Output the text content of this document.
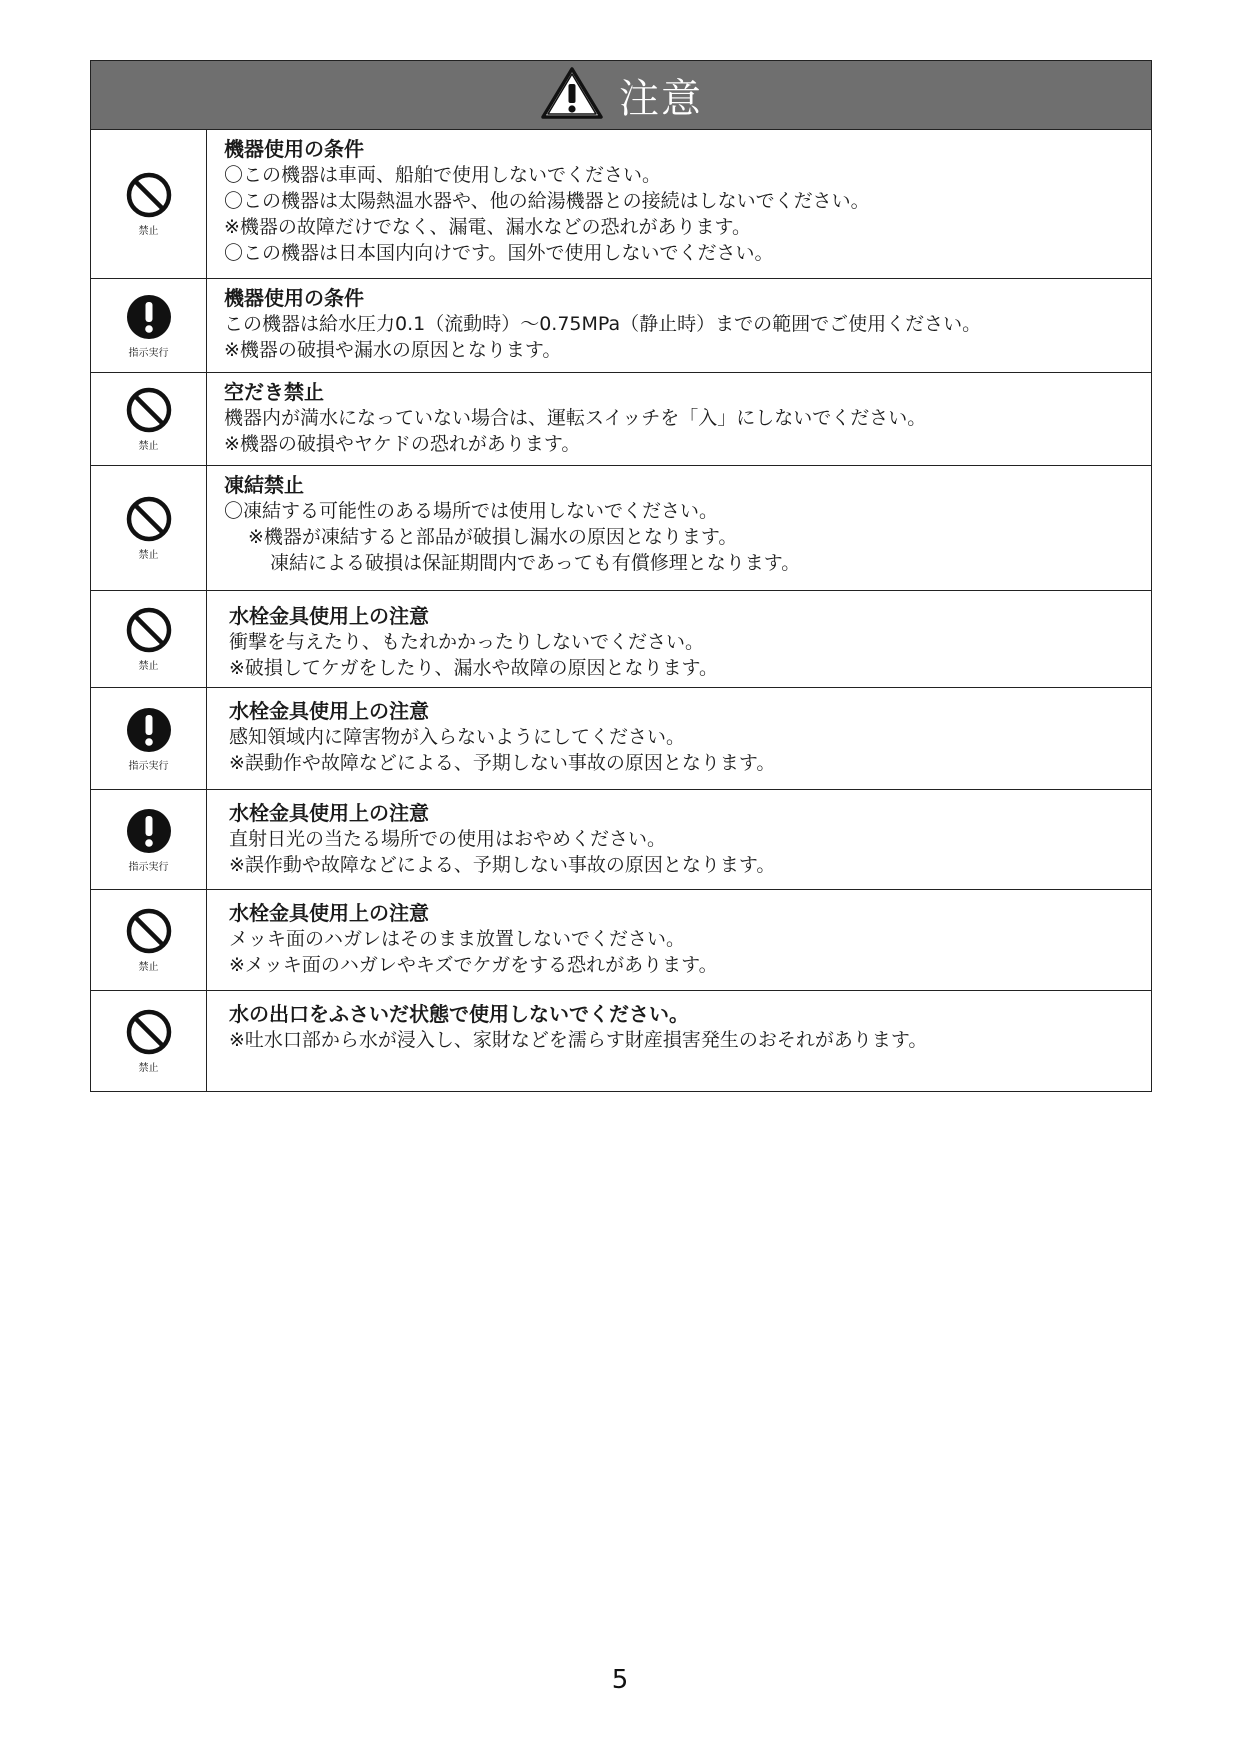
注意
禁止
機器使用の条件
〇この機器は車両、船舶で使用しないでください。
〇この機器は太陽熱温水器や、他の給湯機器との接続はしないでください。
※機器の故障だけでなく、漏電、漏水などの恐れがあります。
〇この機器は日本国内向けです。国外で使用しないでください。
指示実行
機器使用の条件
この機器は給水圧力0.1（流動時）～0.75MPa（静止時）までの範囲でご使用ください。
※機器の破損や漏水の原因となります。
禁止
空だき禁止
機器内が満水になっていない場合は、運転スイッチを「入」にしないでください。
※機器の破損やヤケドの恐れがあります。
禁止
凍結禁止
〇凍結する可能性のある場所では使用しないでください。
※機器が凍結すると部品が破損し漏水の原因となります。
凍結による破損は保証期間内であっても有償修理となります。
禁止
水栓金具使用上の注意
衝撃を与えたり、もたれかかったりしないでください。
※破損してケガをしたり、漏水や故障の原因となります。
指示実行
水栓金具使用上の注意
感知領域内に障害物が入らないようにしてください。
※誤動作や故障などによる、予期しない事故の原因となります。
指示実行
水栓金具使用上の注意
直射日光の当たる場所での使用はおやめください。
※誤作動や故障などによる、予期しない事故の原因となります。
禁止
水栓金具使用上の注意
メッキ面のハガレはそのまま放置しないでください。
※メッキ面のハガレやキズでケガをする恐れがあります。
禁止
水の出口をふさいだ状態で使用しないでください。
※吐水口部から水が浸入し、家財などを濡らす財産損害発生のおそれがあります。
5
